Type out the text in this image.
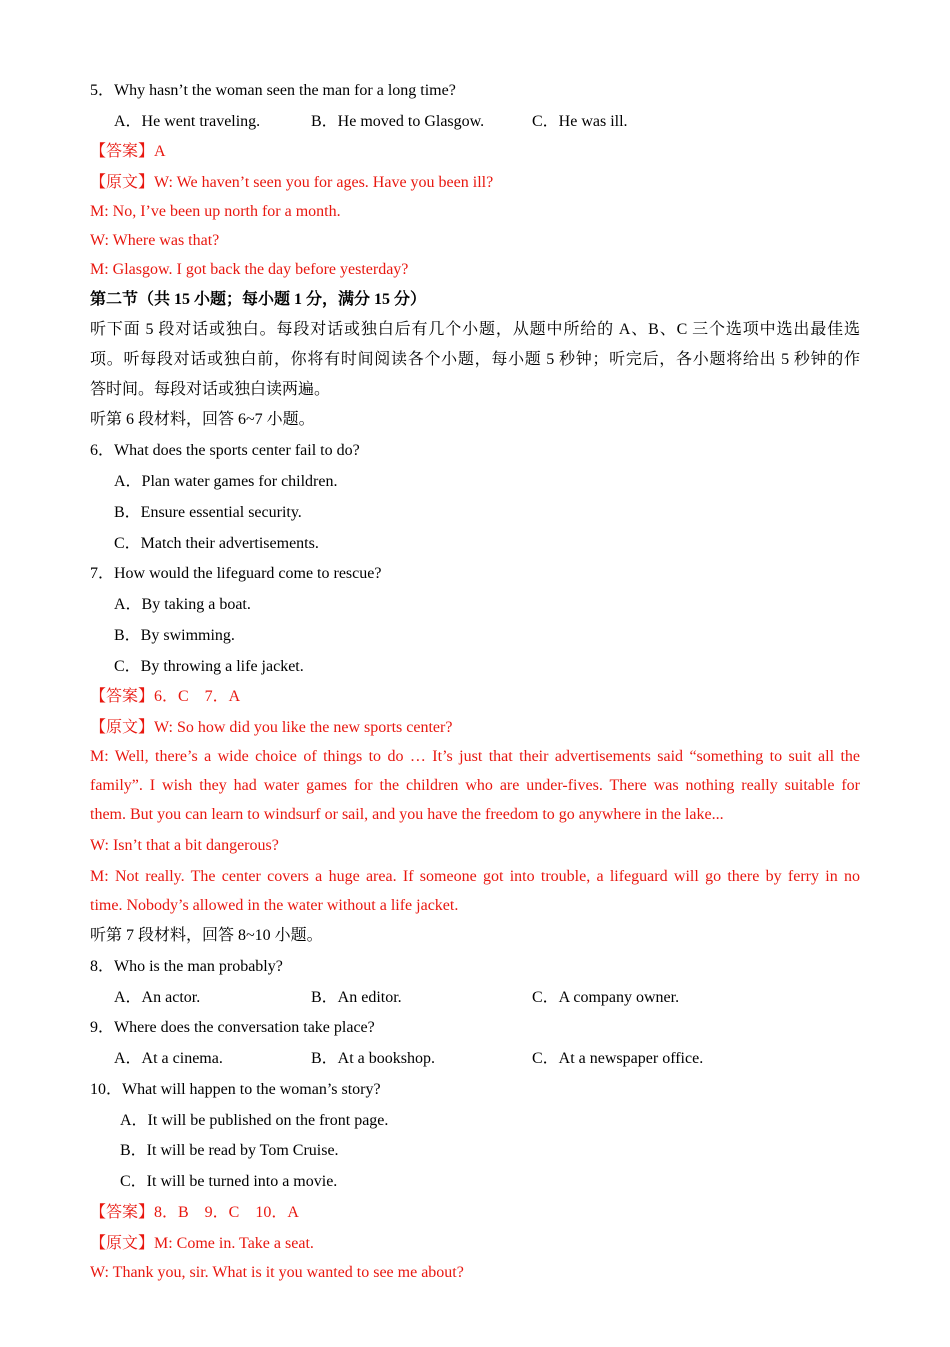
5．Why hasn’t the woman seen the man for a long time?
A．He went traveling.	B．He moved to Glasgow.	C．He was ill.
【答案】A
【原文】W: We haven’t seen you for ages. Have you been ill?
M: No, I’ve been up north for a month.
W: Where was that?
M: Glasgow. I got back the day before yesterday?
第二节（共 15 小题；每小题 1 分，满分 15 分）
听下面 5 段对话或独白。每段对话或独白后有几个小题，从题中所给的 A、B、C 三个选项中选出最佳选
项。听每段对话或独白前，你将有时间阅读各个小题，每小题 5 秒钟；听完后，各小题将给出 5 秒钟的作
答时间。每段对话或独白读两遍。
听第 6 段材料，回答 6~7 小题。
6．What does the sports center fail to do?
A．Plan water games for children.
B．Ensure essential security.
C．Match their advertisements.
7．How would the lifeguard come to rescue?
A．By taking a boat.
B．By swimming.
C．By throwing a life jacket.
【答案】6．C　7．A
【原文】W: So how did you like the new sports center?
M: Well, there’s a wide choice of things to do … It’s just that their advertisements said “something to suit all the
family”. I wish they had water games for the children who are under-fives. There was nothing really suitable for
them. But you can learn to windsurf or sail, and you have the freedom to go anywhere in the lake...
W: Isn’t that a bit dangerous?
M: Not really. The center covers a huge area. If someone got into trouble, a lifeguard will go there by ferry in no
time. Nobody’s allowed in the water without a life jacket.
听第 7 段材料，回答 8~10 小题。
8．Who is the man probably?
A．An actor.	B．An editor.	C．A company owner.
9．Where does the conversation take place?
A．At a cinema.	B．At a bookshop.	C．At a newspaper office.
10．What will happen to the woman’s story?
A．It will be published on the front page.
B．It will be read by Tom Cruise.
C．It will be turned into a movie.
【答案】8．B　9．C　10．A
【原文】M: Come in. Take a seat.
W: Thank you, sir. What is it you wanted to see me about?
